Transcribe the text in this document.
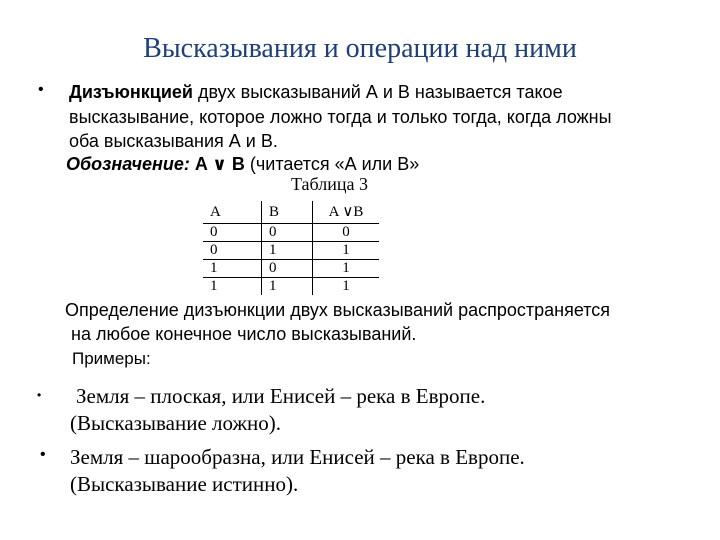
Высказывания и операции над ними
• Дизъюнкцией двух высказываний А и В называется такое
высказывание, которое ложно тогда и только тогда, когда ложны
оба высказывания А и В.
Обозначение: A ∨ B (читается «А или В»
Таблица 3
A	B	A ∨B
0	0	0
0	1	1
1	0	1
1	1	1
Определение дизъюнкции двух высказываний распространяется
на любое конечное число высказываний.
Примеры:
• Земля – плоская, или Енисей – река в Европе.
(Высказывание ложно).
• Земля – шарообразна, или Енисей – река в Европе.
(Высказывание истинно).
